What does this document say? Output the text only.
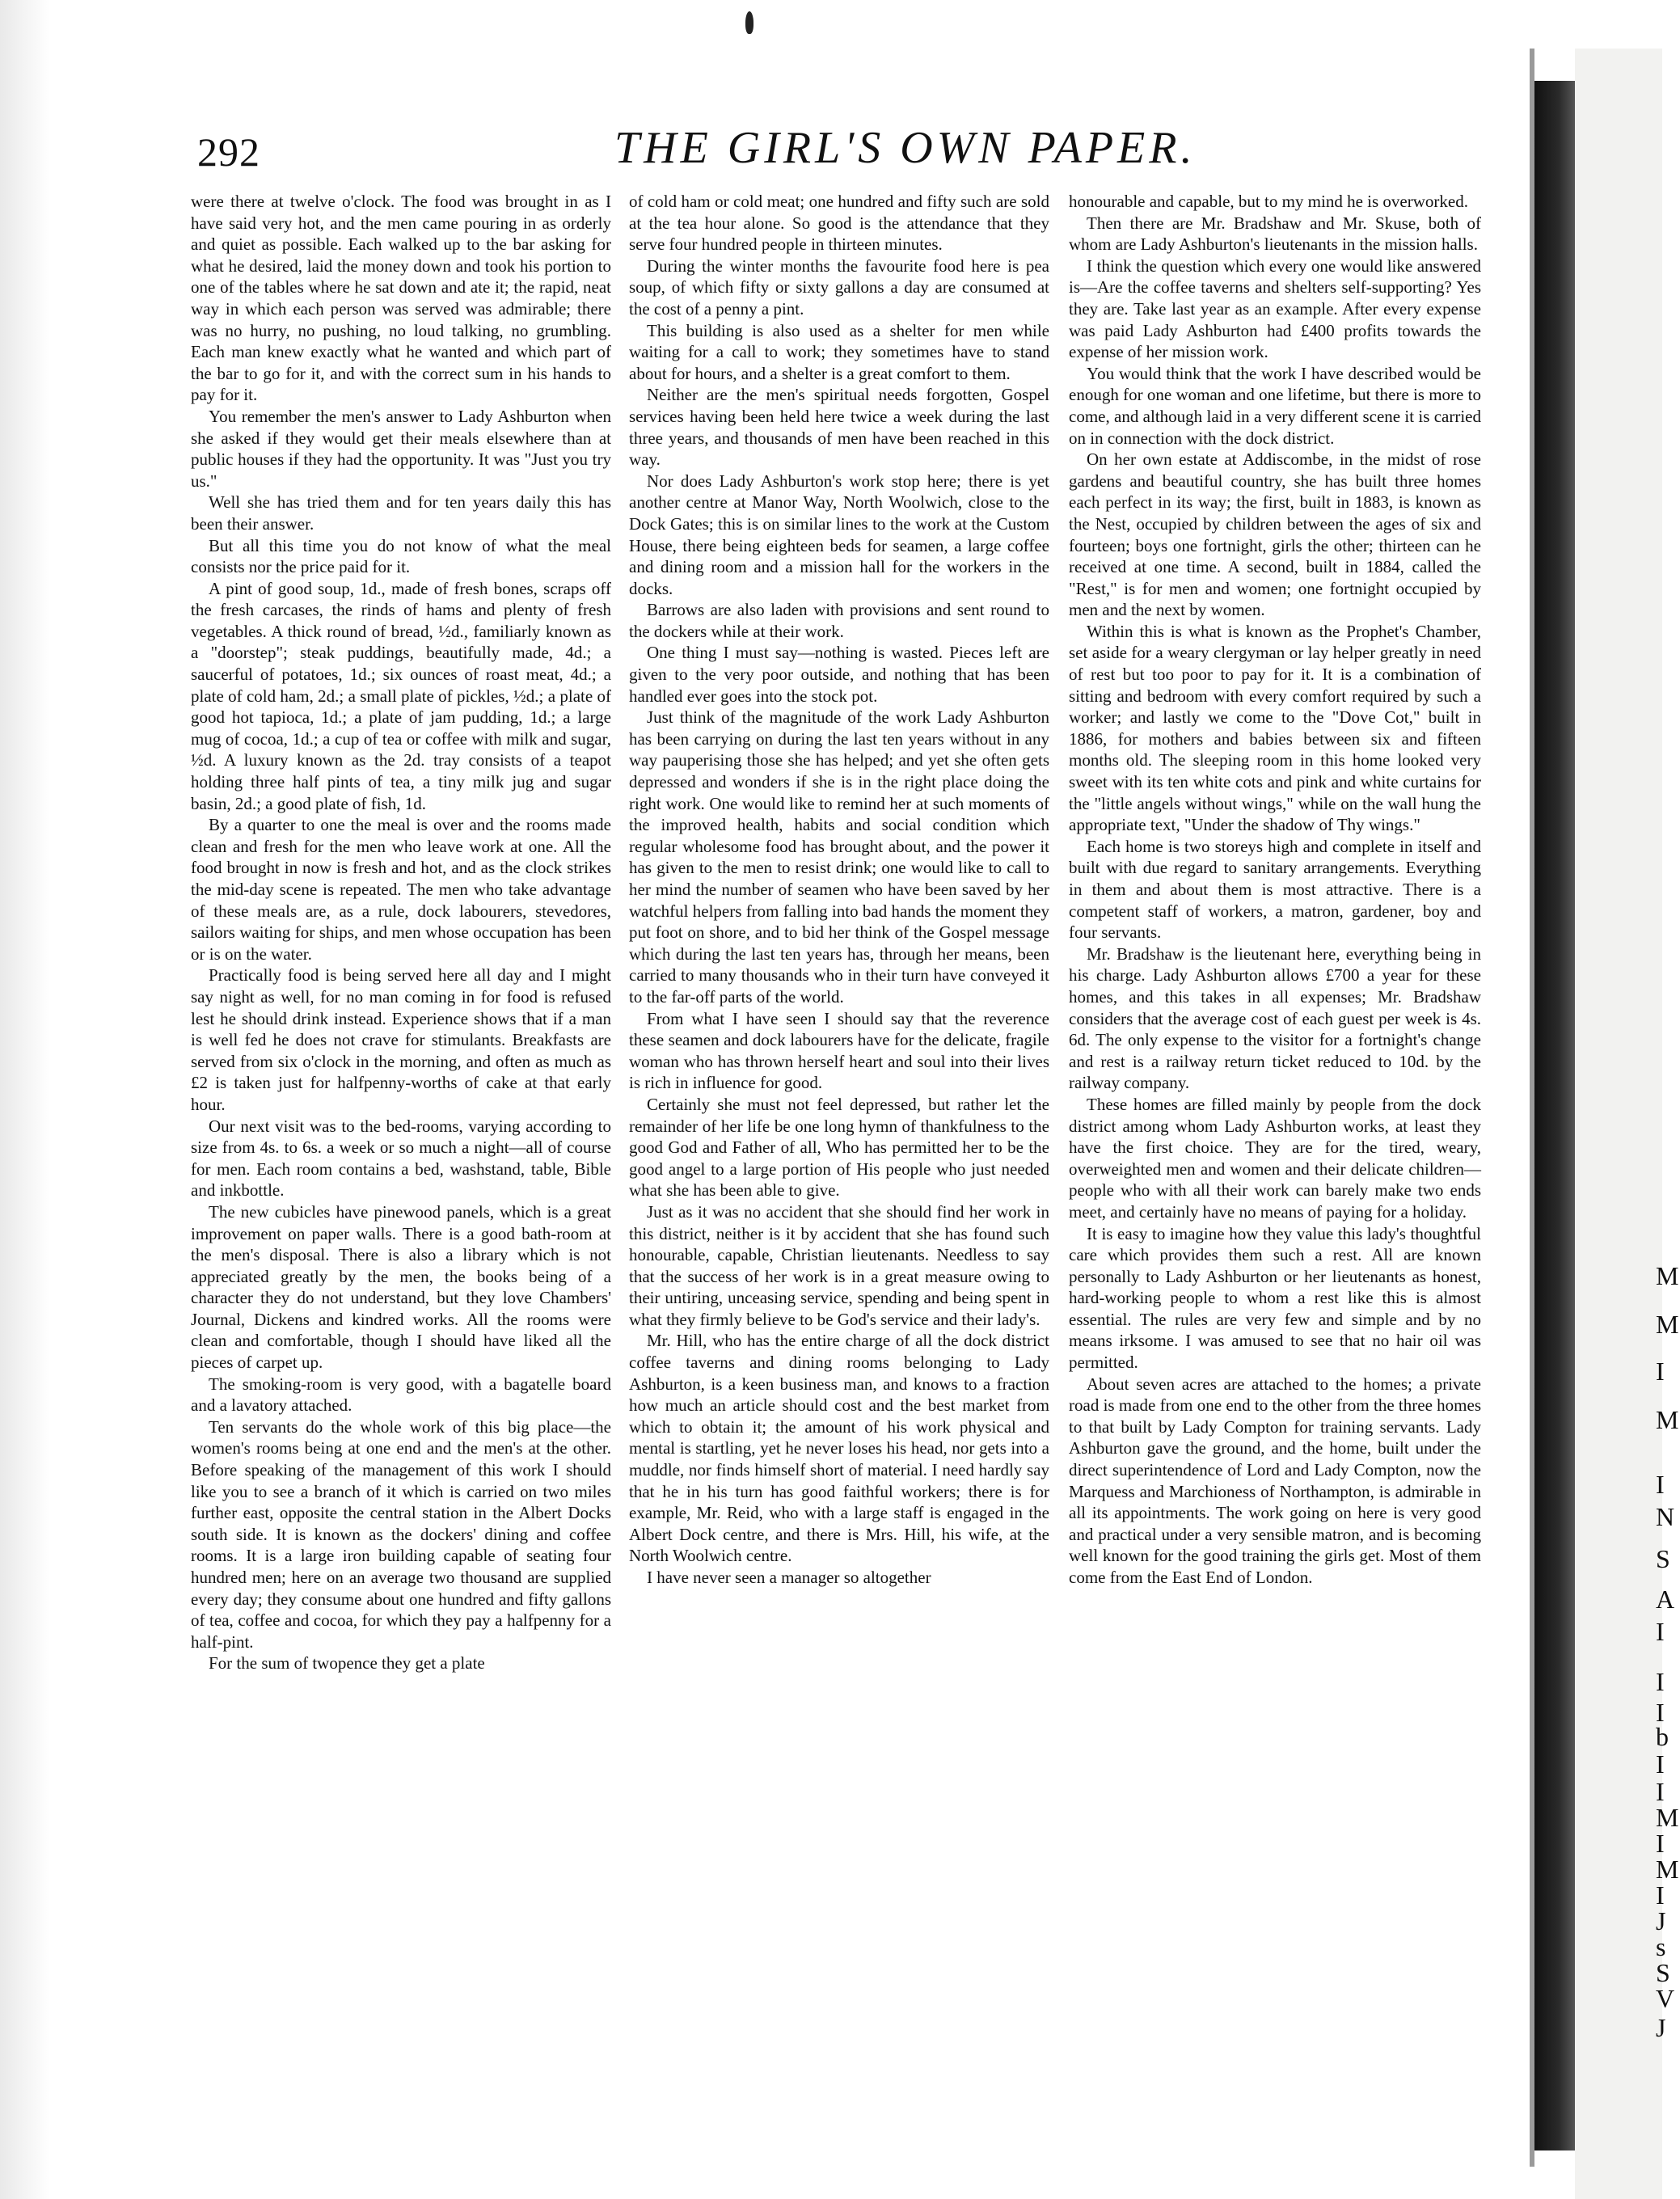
292	THE GIRL'S OWN PAPER.

were there at twelve o'clock. The food was brought in as I have said very hot, and the men came pouring in as orderly and quiet as possible. Each walked up to the bar asking for what he desired, laid the money down and took his portion to one of the tables where he sat down and ate it; the rapid, neat way in which each person was served was admirable; there was no hurry, no pushing, no loud talking, no grumbling. Each man knew exactly what he wanted and which part of the bar to go for it, and with the correct sum in his hands to pay for it.

You remember the men's answer to Lady Ashburton when she asked if they would get their meals elsewhere than at public houses if they had the opportunity. It was "Just you try us."

Well she has tried them and for ten years daily this has been their answer.

But all this time you do not know of what the meal consists nor the price paid for it.

A pint of good soup, 1d., made of fresh bones, scraps off the fresh carcases, the rinds of hams and plenty of fresh vegetables. A thick round of bread, ½d., familiarly known as a "doorstep"; steak puddings, beautifully made, 4d.; a saucerful of potatoes, 1d.; six ounces of roast meat, 4d.; a plate of cold ham, 2d.; a small plate of pickles, ½d.; a plate of good hot tapioca, 1d.; a plate of jam pudding, 1d.; a large mug of cocoa, 1d.; a cup of tea or coffee with milk and sugar, ½d. A luxury known as the 2d. tray consists of a teapot holding three half pints of tea, a tiny milk jug and sugar basin, 2d.; a good plate of fish, 1d.

By a quarter to one the meal is over and the rooms made clean and fresh for the men who leave work at one. All the food brought in now is fresh and hot, and as the clock strikes the mid-day scene is repeated. The men who take advantage of these meals are, as a rule, dock labourers, stevedores, sailors waiting for ships, and men whose occupation has been or is on the water.

Practically food is being served here all day and I might say night as well, for no man coming in for food is refused lest he should drink instead. Experience shows that if a man is well fed he does not crave for stimulants. Breakfasts are served from six o'clock in the morning, and often as much as £2 is taken just for halfpenny-worths of cake at that early hour.

Our next visit was to the bed-rooms, varying according to size from 4s. to 6s. a week or so much a night—all of course for men. Each room contains a bed, washstand, table, Bible and inkbottle.

The new cubicles have pinewood panels, which is a great improvement on paper walls. There is a good bath-room at the men's disposal. There is also a library which is not appreciated greatly by the men, the books being of a character they do not understand, but they love Chambers' Journal, Dickens and kindred works. All the rooms were clean and comfortable, though I should have liked all the pieces of carpet up.

The smoking-room is very good, with a bagatelle board and a lavatory attached.

Ten servants do the whole work of this big place—the women's rooms being at one end and the men's at the other. Before speaking of the management of this work I should like you to see a branch of it which is carried on two miles further east, opposite the central station in the Albert Docks south side. It is known as the dockers' dining and coffee rooms. It is a large iron building capable of seating four hundred men; here on an average two thousand are supplied every day; they consume about one hundred and fifty gallons of tea, coffee and cocoa, for which they pay a halfpenny for a half-pint.

For the sum of twopence they get a plate

of cold ham or cold meat; one hundred and fifty such are sold at the tea hour alone. So good is the attendance that they serve four hundred people in thirteen minutes.

During the winter months the favourite food here is pea soup, of which fifty or sixty gallons a day are consumed at the cost of a penny a pint.

This building is also used as a shelter for men while waiting for a call to work; they sometimes have to stand about for hours, and a shelter is a great comfort to them.

Neither are the men's spiritual needs forgotten, Gospel services having been held here twice a week during the last three years, and thousands of men have been reached in this way.

Nor does Lady Ashburton's work stop here; there is yet another centre at Manor Way, North Woolwich, close to the Dock Gates; this is on similar lines to the work at the Custom House, there being eighteen beds for seamen, a large coffee and dining room and a mission hall for the workers in the docks.

Barrows are also laden with provisions and sent round to the dockers while at their work.

One thing I must say—nothing is wasted. Pieces left are given to the very poor outside, and nothing that has been handled ever goes into the stock pot.

Just think of the magnitude of the work Lady Ashburton has been carrying on during the last ten years without in any way pauperising those she has helped; and yet she often gets depressed and wonders if she is in the right place doing the right work. One would like to remind her at such moments of the improved health, habits and social condition which regular wholesome food has brought about, and the power it has given to the men to resist drink; one would like to call to her mind the number of seamen who have been saved by her watchful helpers from falling into bad hands the moment they put foot on shore, and to bid her think of the Gospel message which during the last ten years has, through her means, been carried to many thousands who in their turn have conveyed it to the far-off parts of the world.

From what I have seen I should say that the reverence these seamen and dock labourers have for the delicate, fragile woman who has thrown herself heart and soul into their lives is rich in influence for good.

Certainly she must not feel depressed, but rather let the remainder of her life be one long hymn of thankfulness to the good God and Father of all, Who has permitted her to be the good angel to a large portion of His people who just needed what she has been able to give.

Just as it was no accident that she should find her work in this district, neither is it by accident that she has found such honourable, capable, Christian lieutenants. Needless to say that the success of her work is in a great measure owing to their untiring, unceasing service, spending and being spent in what they firmly believe to be God's service and their lady's.

Mr. Hill, who has the entire charge of all the dock district coffee taverns and dining rooms belonging to Lady Ashburton, is a keen business man, and knows to a fraction how much an article should cost and the best market from which to obtain it; the amount of his work physical and mental is startling, yet he never loses his head, nor gets into a muddle, nor finds himself short of material. I need hardly say that he in his turn has good faithful workers; there is for example, Mr. Reid, who with a large staff is engaged in the Albert Dock centre, and there is Mrs. Hill, his wife, at the North Woolwich centre.

I have never seen a manager so altogether

honourable and capable, but to my mind he is overworked.

Then there are Mr. Bradshaw and Mr. Skuse, both of whom are Lady Ashburton's lieutenants in the mission halls.

I think the question which every one would like answered is—Are the coffee taverns and shelters self-supporting? Yes they are. Take last year as an example. After every expense was paid Lady Ashburton had £400 profits towards the expense of her mission work.

You would think that the work I have described would be enough for one woman and one lifetime, but there is more to come, and although laid in a very different scene it is carried on in connection with the dock district.

On her own estate at Addiscombe, in the midst of rose gardens and beautiful country, she has built three homes each perfect in its way; the first, built in 1883, is known as the Nest, occupied by children between the ages of six and fourteen; boys one fortnight, girls the other; thirteen can he received at one time. A second, built in 1884, called the "Rest," is for men and women; one fortnight occupied by men and the next by women.

Within this is what is known as the Prophet's Chamber, set aside for a weary clergyman or lay helper greatly in need of rest but too poor to pay for it. It is a combination of sitting and bedroom with every comfort required by such a worker; and lastly we come to the "Dove Cot," built in 1886, for mothers and babies between six and fifteen months old. The sleeping room in this home looked very sweet with its ten white cots and pink and white curtains for the "little angels without wings," while on the wall hung the appropriate text, "Under the shadow of Thy wings."

Each home is two storeys high and complete in itself and built with due regard to sanitary arrangements. Everything in them and about them is most attractive. There is a competent staff of workers, a matron, gardener, boy and four servants.

Mr. Bradshaw is the lieutenant here, everything being in his charge. Lady Ashburton allows £700 a year for these homes, and this takes in all expenses; Mr. Bradshaw considers that the average cost of each guest per week is 4s. 6d. The only expense to the visitor for a fortnight's change and rest is a railway return ticket reduced to 10d. by the railway company.

These homes are filled mainly by people from the dock district among whom Lady Ashburton works, at least they have the first choice. They are for the tired, weary, overweighted men and women and their delicate children—people who with all their work can barely make two ends meet, and certainly have no means of paying for a holiday.

It is easy to imagine how they value this lady's thoughtful care which provides them such a rest. All are known personally to Lady Ashburton or her lieutenants as honest, hard-working people to whom a rest like this is almost essential. The rules are very few and simple and by no means irksome. I was amused to see that no hair oil was permitted.

About seven acres are attached to the homes; a private road is made from one end to the other from the three homes to that built by Lady Compton for training servants. Lady Ashburton gave the ground, and the home, built under the direct superintendence of Lord and Lady Compton, now the Marquess and Marchioness of Northampton, is admirable in all its appointments. The work going on here is very good and practical under a very sensible matron, and is becoming well known for the good training the girls get. Most of them come from the East End of London.

M
M
I
M
I
N
S
A
I
I
I
b
I
I
M
I
M
I
J
s
S
V
J
